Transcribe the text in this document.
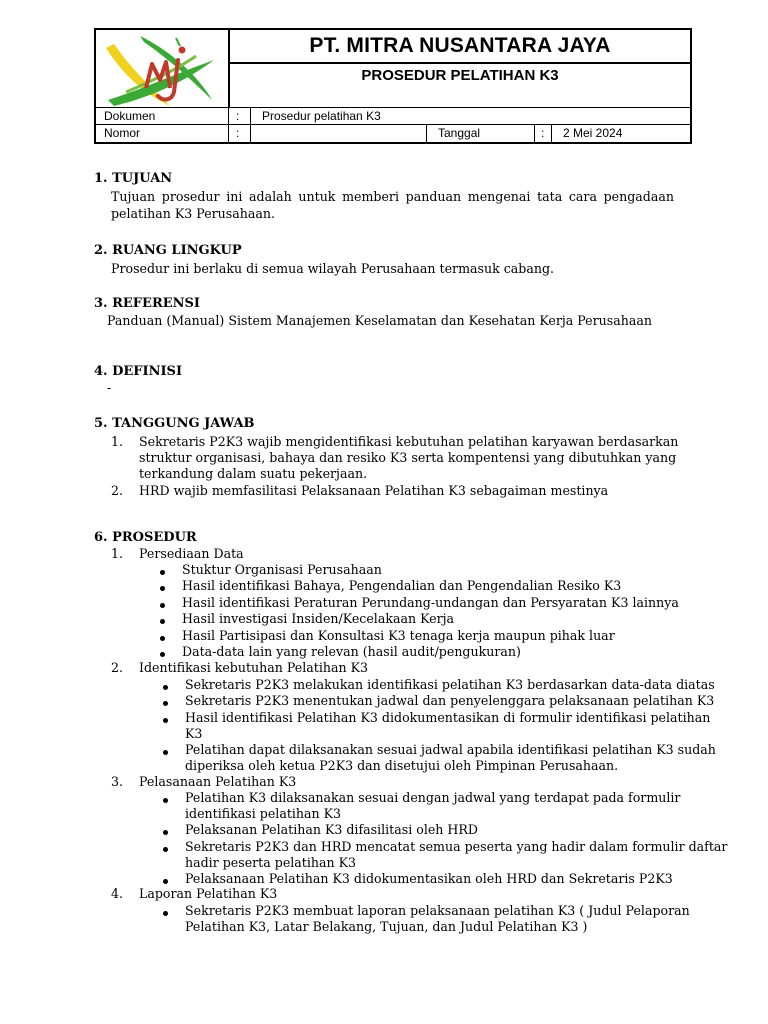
PT. MITRA NUSANTARA JAYA
PROSEDUR PELATIHAN K3
Dokumen	: Prosedur pelatihan K3
Nomor	:	Tanggal	: 2 Mei 2024
1. TUJUAN
Tujuan prosedur ini adalah untuk memberi panduan mengenai tata cara pengadaan
pelatihan K3 Perusahaan.
2. RUANG LINGKUP
Prosedur ini berlaku di semua wilayah Perusahaan termasuk cabang.
3. REFERENSI
Panduan (Manual) Sistem Manajemen Keselamatan dan Kesehatan Kerja Perusahaan
4. DEFINISI
-
5. TANGGUNG JAWAB
1. Sekretaris P2K3 wajib mengidentifikasi kebutuhan pelatihan karyawan berdasarkan
struktur organisasi, bahaya dan resiko K3 serta kompentensi yang dibutuhkan yang
terkandung dalam suatu pekerjaan.
2. HRD wajib memfasilitasi Pelaksanaan Pelatihan K3 sebagaiman mestinya
6. PROSEDUR
1. Persediaan Data
Stuktur Organisasi Perusahaan
Hasil identifikasi Bahaya, Pengendalian dan Pengendalian Resiko K3
Hasil identifikasi Peraturan Perundang-undangan dan Persyaratan K3 lainnya
Hasil investigasi Insiden/Kecelakaan Kerja
Hasil Partisipasi dan Konsultasi K3 tenaga kerja maupun pihak luar
Data-data lain yang relevan (hasil audit/pengukuran)
2. Identifikasi kebutuhan Pelatihan K3
Sekretaris P2K3 melakukan identifikasi pelatihan K3 berdasarkan data-data diatas
Sekretaris P2K3 menentukan jadwal dan penyelenggara pelaksanaan pelatihan K3
Hasil identifikasi Pelatihan K3 didokumentasikan di formulir identifikasi pelatihan
K3
Pelatihan dapat dilaksanakan sesuai jadwal apabila identifikasi pelatihan K3 sudah
diperiksa oleh ketua P2K3 dan disetujui oleh Pimpinan Perusahaan.
3. Pelasanaan Pelatihan K3
Pelatihan K3 dilaksanakan sesuai dengan jadwal yang terdapat pada formulir
identifikasi pelatihan K3
Pelaksanan Pelatihan K3 difasilitasi oleh HRD
Sekretaris P2K3 dan HRD mencatat semua peserta yang hadir dalam formulir daftar
hadir peserta pelatihan K3
Pelaksanaan Pelatihan K3 didokumentasikan oleh HRD dan Sekretaris P2K3
4. Laporan Pelatihan K3
Sekretaris P2K3 membuat laporan pelaksanaan pelatihan K3 ( Judul Pelaporan
Pelatihan K3, Latar Belakang, Tujuan, dan Judul Pelatihan K3 )
